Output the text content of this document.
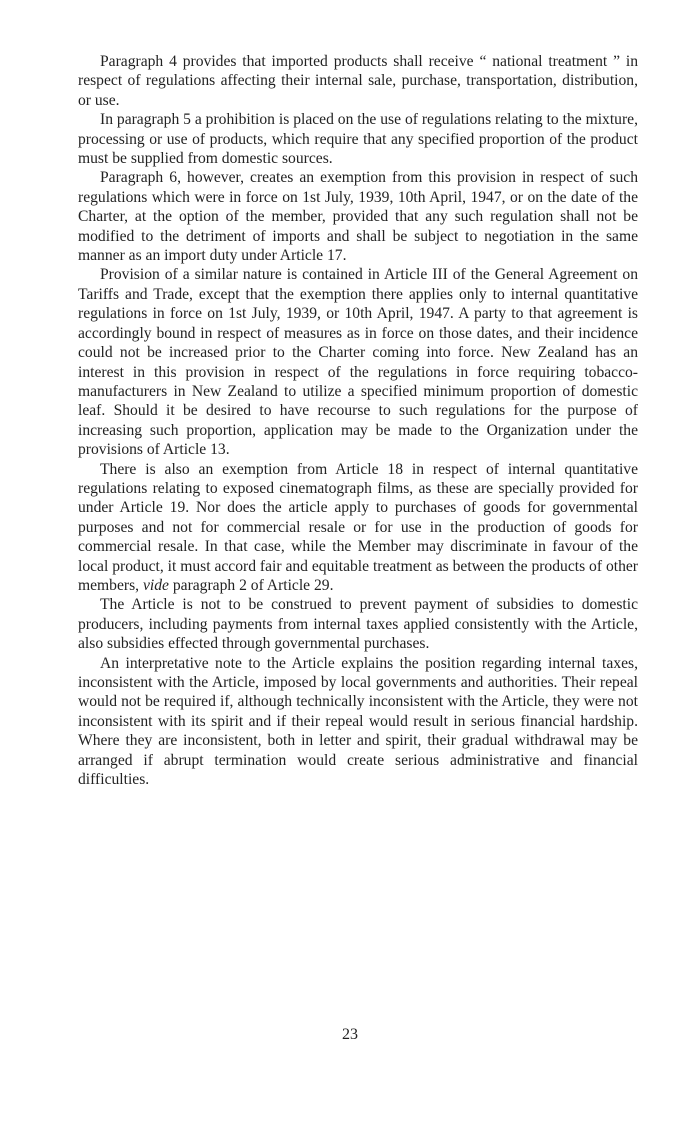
Paragraph 4 provides that imported products shall receive “ national treatment ” in respect of regulations affecting their internal sale, purchase, transportation, distribution, or use.

In paragraph 5 a prohibition is placed on the use of regulations relating to the mixture, processing or use of products, which require that any specified proportion of the product must be supplied from domestic sources.

Paragraph 6, however, creates an exemption from this provision in respect of such regulations which were in force on 1st July, 1939, 10th April, 1947, or on the date of the Charter, at the option of the member, provided that any such regulation shall not be modified to the detriment of imports and shall be subject to negotiation in the same manner as an import duty under Article 17.

Provision of a similar nature is contained in Article III of the General Agreement on Tariffs and Trade, except that the exemption there applies only to internal quantitative regulations in force on 1st July, 1939, or 10th April, 1947. A party to that agreement is accordingly bound in respect of measures as in force on those dates, and their incidence could not be increased prior to the Charter coming into force. New Zealand has an interest in this provision in respect of the regulations in force requiring tobacco-manufacturers in New Zealand to utilize a specified minimum proportion of domestic leaf. Should it be desired to have recourse to such regulations for the purpose of increasing such proportion, application may be made to the Organization under the provisions of Article 13.

There is also an exemption from Article 18 in respect of internal quantitative regulations relating to exposed cinematograph films, as these are specially provided for under Article 19. Nor does the article apply to purchases of goods for governmental purposes and not for commercial resale or for use in the production of goods for commercial resale. In that case, while the Member may discriminate in favour of the local product, it must accord fair and equitable treatment as between the products of other members, vide paragraph 2 of Article 29.

The Article is not to be construed to prevent payment of subsidies to domestic producers, including payments from internal taxes applied consistently with the Article, also subsidies effected through governmental purchases.

An interpretative note to the Article explains the position regarding internal taxes, inconsistent with the Article, imposed by local governments and authorities. Their repeal would not be required if, although technically inconsistent with the Article, they were not inconsistent with its spirit and if their repeal would result in serious financial hardship. Where they are inconsistent, both in letter and spirit, their gradual withdrawal may be arranged if abrupt termination would create serious administrative and financial difficulties.

23
